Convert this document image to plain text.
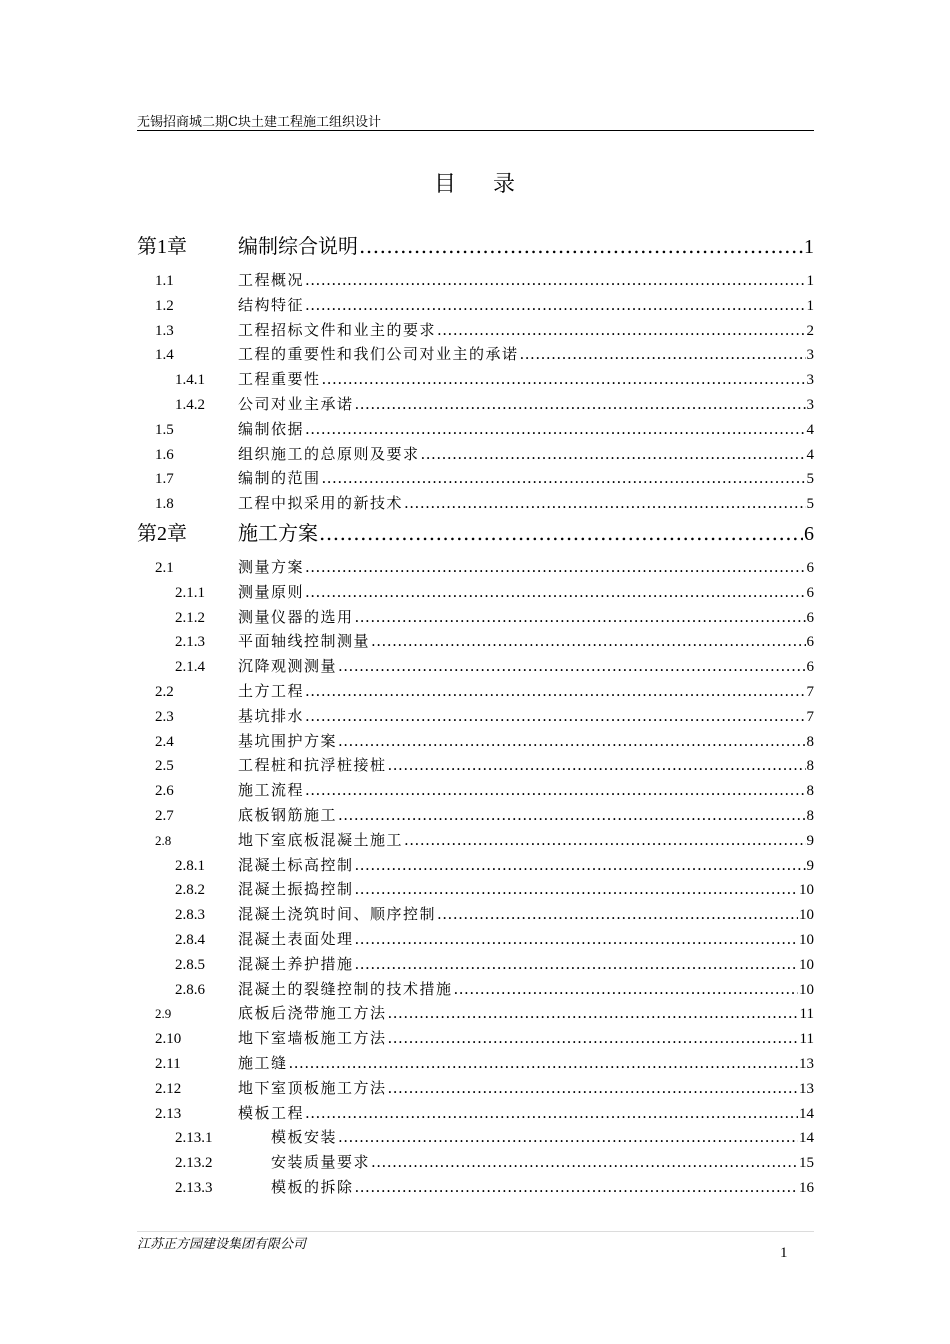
无锡招商城二期C块土建工程施工组织设计
目 录
第1章	编制综合说明 .....	1
1.1	工程概况 .....	1
1.2	结构特征 .....	1
1.3	工程招标文件和业主的要求 .....	2
1.4	工程的重要性和我们公司对业主的承诺 .....	3
1.4.1	工程重要性 .....	3
1.4.2	公司对业主承诺 .....	3
1.5	编制依据 .....	4
1.6	组织施工的总原则及要求 .....	4
1.7	编制的范围 .....	5
1.8	工程中拟采用的新技术 .....	5
第2章	施工方案 .....	6
2.1	测量方案 .....	6
2.1.1	测量原则 .....	6
2.1.2	测量仪器的选用 .....	6
2.1.3	平面轴线控制测量 .....	6
2.1.4	沉降观测测量 .....	6
2.2	土方工程 .....	7
2.3	基坑排水 .....	7
2.4	基坑围护方案 .....	8
2.5	工程桩和抗浮桩接桩 .....	8
2.6	施工流程 .....	8
2.7	底板钢筋施工 .....	8
2.8	地下室底板混凝土施工 .....	9
2.8.1	混凝土标高控制 .....	9
2.8.2	混凝土振捣控制 .....	10
2.8.3	混凝土浇筑时间、顺序控制 .....	10
2.8.4	混凝土表面处理 .....	10
2.8.5	混凝土养护措施 .....	10
2.8.6	混凝土的裂缝控制的技术措施 .....	10
2.9	底板后浇带施工方法 .....	11
2.10	地下室墙板施工方法 .....	11
2.11	施工缝 .....	13
2.12	地下室顶板施工方法 .....	13
2.13	模板工程 .....	14
2.13.1	模板安装 .....	14
2.13.2	安装质量要求 .....	15
2.13.3	模板的拆除 .....	16
江苏正方园建设集团有限公司
1
